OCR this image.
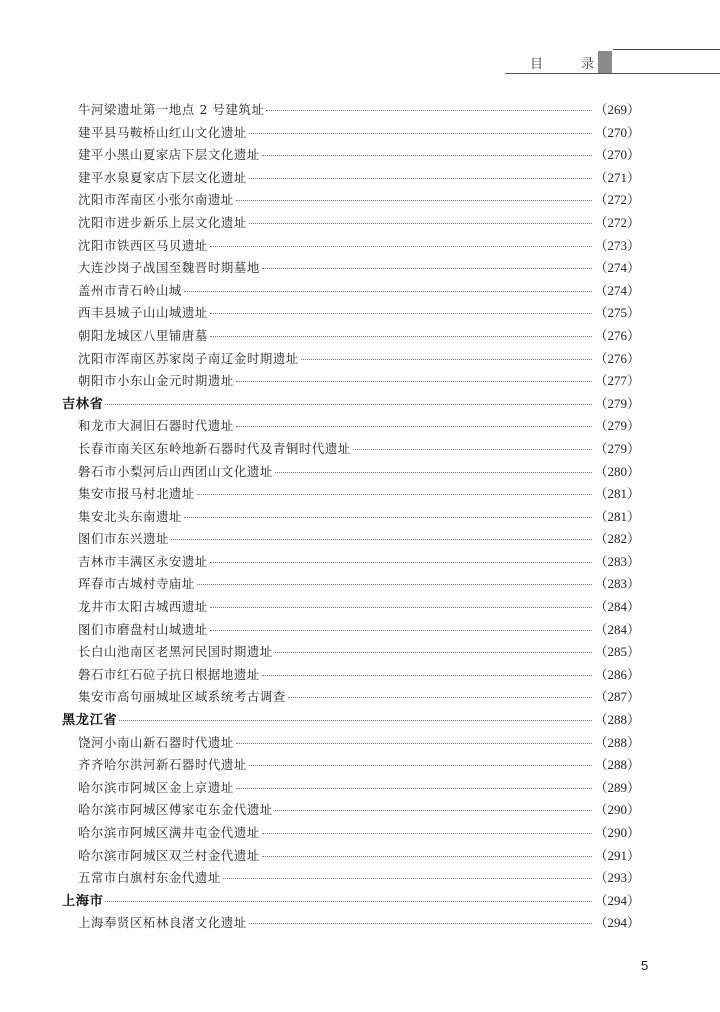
目	录
牛河梁遗址第一地点 2 号建筑址	（269）
建平县马鞍桥山红山文化遗址	（270）
建平小黑山夏家店下层文化遗址	（270）
建平水泉夏家店下层文化遗址	（271）
沈阳市浑南区小张尔南遗址	（272）
沈阳市进步新乐上层文化遗址	（272）
沈阳市铁西区马贝遗址	（273）
大连沙岗子战国至魏晋时期墓地	（274）
盖州市青石岭山城	（274）
西丰县城子山山城遗址	（275）
朝阳龙城区八里铺唐墓	（276）
沈阳市浑南区苏家岗子南辽金时期遗址	（276）
朝阳市小东山金元时期遗址	（277）
吉林省	（279）
和龙市大洞旧石器时代遗址	（279）
长春市南关区东岭地新石器时代及青铜时代遗址	（279）
磐石市小梨河后山西团山文化遗址	（280）
集安市报马村北遗址	（281）
集安北头东南遗址	（281）
图们市东兴遗址	（282）
吉林市丰满区永安遗址	（283）
珲春市古城村寺庙址	（283）
龙井市太阳古城西遗址	（284）
图们市磨盘村山城遗址	（284）
长白山池南区老黑河民国时期遗址	（285）
磐石市红石砬子抗日根据地遗址	（286）
集安市高句丽城址区域系统考古调查	（287）
黑龙江省	（288）
饶河小南山新石器时代遗址	（288）
齐齐哈尔洪河新石器时代遗址	（288）
哈尔滨市阿城区金上京遗址	（289）
哈尔滨市阿城区傅家屯东金代遗址	（290）
哈尔滨市阿城区满井屯金代遗址	（290）
哈尔滨市阿城区双兰村金代遗址	（291）
五常市白旗村东金代遗址	（293）
上海市	（294）
上海奉贤区柘林良渚文化遗址	（294）
5
